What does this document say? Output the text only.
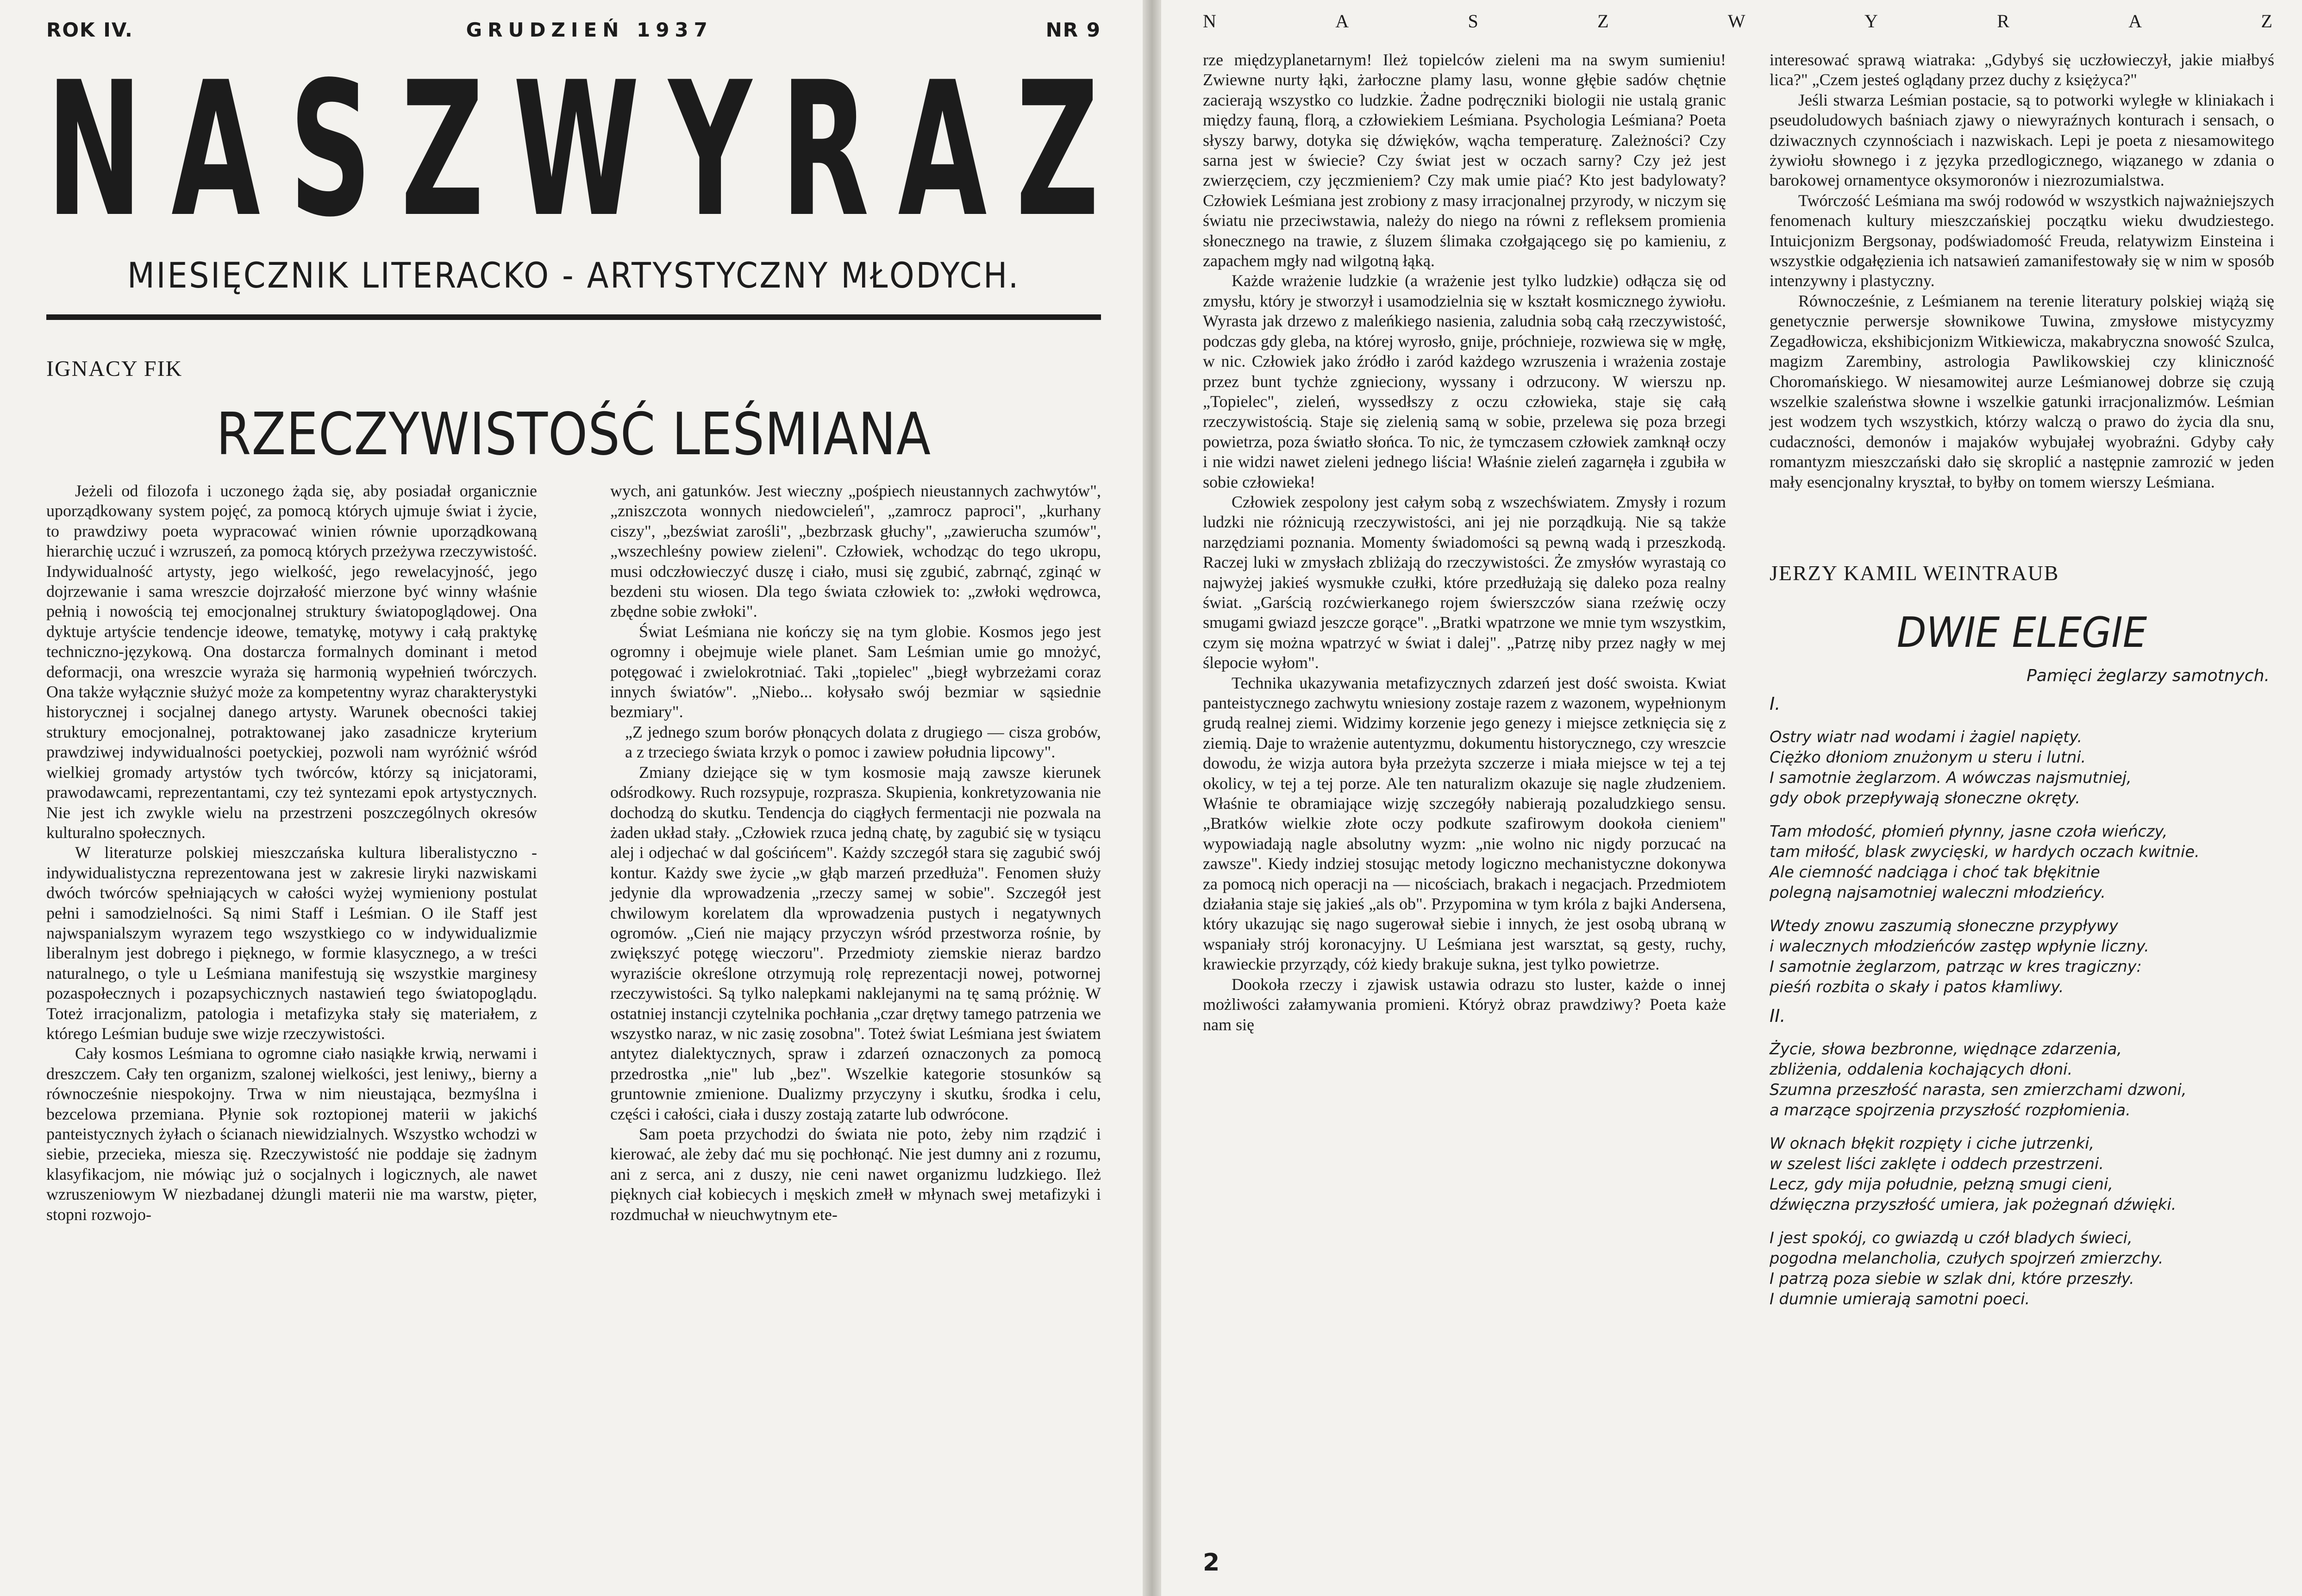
ROK IV.	GRUDZIEŃ 1937	NR 9
N A S Z W Y R A Z
MIESIĘCZNIK LITERACKO - ARTYSTYCZNY MŁODYCH.
IGNACY FIK
RZECZYWISTOŚĆ LEŚMIANA

Jeżeli od filozofa i uczonego żąda się, aby posiadał organicznie uporządkowany system pojęć, za pomocą których ujmuje świat i życie, to prawdziwy poeta wypracować winien równie uporządkowaną hierarchię uczuć i wzruszeń, za pomocą których przeżywa rzeczywistość. Indywidualność artysty, jego wielkość, jego rewelacyjność, jego dojrzewanie i sama wreszcie dojrzałość mierzone być winny właśnie pełnią i nowością tej emocjonalnej struktury światopoglądowej. Ona dyktuje artyście tendencje ideowe, tematykę, motywy i całą praktykę techniczno-językową. Ona dostarcza formalnych dominant i metod deformacji, ona wreszcie wyraża się harmonią wypełnień twórczych. Ona także wyłącznie służyć może za kompetentny wyraz charakterystyki historycznej i socjalnej danego artysty. Warunek obecności takiej struktury emocjonalnej, potraktowanej jako zasadnicze kryterium prawdziwej indywidualności poetyckiej, pozwoli nam wyróżnić wśród wielkiej gromady artystów tych twórców, którzy są inicjatorami, prawodawcami, reprezentantami, czy też syntezami epok artystycznych. Nie jest ich zwykle wielu na przestrzeni poszczególnych okresów kulturalno społecznych.

W literaturze polskiej mieszczańska kultura liberalistyczno - indywidualistyczna reprezentowana jest w zakresie liryki nazwiskami dwóch twórców spełniających w całości wyżej wymieniony postulat pełni i samodzielności. Są nimi Staff i Leśmian. O ile Staff jest najwspanialszym wyrazem tego wszystkiego co w indywidualizmie liberalnym jest dobrego i pięknego, w formie klasycznego, a w treści naturalnego, o tyle u Leśmiana manifestują się wszystkie marginesy pozaspołecznych i pozapsychicznych nastawień tego światopoglądu. Toteż irracjonalizm, patologia i metafizyka stały się materiałem, z którego Leśmian buduje swe wizje rzeczywistości.

Cały kosmos Leśmiana to ogromne ciało nasiąkłe krwią, nerwami i dreszczem. Cały ten organizm, szalonej wielkości, jest leniwy,, bierny a równocześnie niespokojny. Trwa w nim nieustająca, bezmyślna i bezcelowa przemiana. Płynie sok roztopionej materii w jakichś panteistycznych żyłach o ścianach niewidzialnych. Wszystko wchodzi w siebie, przecieka, miesza się. Rzeczywistość nie poddaje się żadnym klasyfikacjom, nie mówiąc już o socjalnych i logicznych, ale nawet wzruszeniowym W niezbadanej dżungli materii nie ma warstw, pięter, stopni rozwojo-

wych, ani gatunków. Jest wieczny „pośpiech nieustannych zachwytów", „zniszczota wonnych niedowcieleń", „zamrocz paproci", „kurhany ciszy", „bezświat zarośli", „bezbrzask głuchy", „zawierucha szumów", „wszechleśny powiew zieleni". Człowiek, wchodząc do tego ukropu, musi odczłowieczyć duszę i ciało, musi się zgubić, zabrnąć, zginąć w bezdeni stu wiosen. Dla tego świata człowiek to: „zwłoki wędrowca, zbędne sobie zwłoki".

Świat Leśmiana nie kończy się na tym globie. Kosmos jego jest ogromny i obejmuje wiele planet. Sam Leśmian umie go mnożyć, potęgować i zwielokrotniać. Taki „topielec" „biegł wybrzeżami coraz innych światów". „Niebo... kołysało swój bezmiar w sąsiednie bezmiary".

„Z jednego szum borów płonących dolata z drugiego — cisza grobów, a z trzeciego świata krzyk o pomoc i zawiew południa lipcowy".

Zmiany dziejące się w tym kosmosie mają zawsze kierunek odśrodkowy. Ruch rozsypuje, rozprasza. Skupienia, konkretyzowania nie dochodzą do skutku. Tendencja do ciągłych fermentacji nie pozwala na żaden układ stały. „Człowiek rzuca jedną chatę, by zagubić się w tysiącu alej i odjechać w dal gościńcem". Każdy szczegół stara się zagubić swój kontur. Każdy swe życie „w głąb marzeń przedłuża". Fenomen służy jedynie dla wprowadzenia „rzeczy samej w sobie". Szczegół jest chwilowym korelatem dla wprowadzenia pustych i negatywnych ogromów. „Cień nie mający przyczyn wśród przestworza rośnie, by zwiększyć potęgę wieczoru". Przedmioty ziemskie nieraz bardzo wyraziście określone otrzymują rolę reprezentacji nowej, potwornej rzeczywistości. Są tylko nalepkami naklejanymi na tę samą próżnię. W ostatniej instancji czytelnika pochłania „czar drętwy tamego patrzenia we wszystko naraz, w nic zasię zosobna". Toteż świat Leśmiana jest światem antytez dialektycznych, spraw i zdarzeń oznaczonych za pomocą przedrostka „nie" lub „bez". Wszelkie kategorie stosunków są gruntownie zmienione. Dualizmy przyczyny i skutku, środka i celu, części i całości, ciała i duszy zostają zatarte lub odwrócone.

Sam poeta przychodzi do świata nie poto, żeby nim rządzić i kierować, ale żeby dać mu się pochłonąć. Nie jest dumny ani z rozumu, ani z serca, ani z duszy, nie ceni nawet organizmu ludzkiego. Ileż pięknych ciał kobiecych i męskich zmełł w młynach swej metafizyki i rozdmuchał w nieuchwytnym ete-

N	A	S	Z	W	Y	R	A	Z

rze międzyplanetarnym! Ileż topielców zieleni ma na swym sumieniu! Zwiewne nurty łąki, żarłoczne plamy lasu, wonne głębie sadów chętnie zacierają wszystko co ludzkie. Żadne podręczniki biologii nie ustalą granic między fauną, florą, a człowiekiem Leśmiana. Psychologia Leśmiana? Poeta słyszy barwy, dotyka się dźwięków, wącha temperaturę. Zależności? Czy sarna jest w świecie? Czy świat jest w oczach sarny? Czy jeż jest zwierzęciem, czy jęczmieniem? Czy mak umie piać? Kto jest badylowaty? Człowiek Leśmiana jest zrobiony z masy irracjonalnej przyrody, w niczym się światu nie przeciwstawia, należy do niego na równi z refleksem promienia słonecznego na trawie, z śluzem ślimaka czołgającego się po kamieniu, z zapachem mgły nad wilgotną łąką.

Każde wrażenie ludzkie (a wrażenie jest tylko ludzkie) odłącza się od zmysłu, który je stworzył i usamodzielnia się w kształt kosmicznego żywiołu. Wyrasta jak drzewo z maleńkiego nasienia, zaludnia sobą całą rzeczywistość, podczas gdy gleba, na której wyrosło, gnije, próchnieje, rozwiewa się w mgłę, w nic. Człowiek jako źródło i zaród każdego wzruszenia i wrażenia zostaje przez bunt tychże zgnieciony, wyssany i odrzucony. W wierszu np. „Topielec", zieleń, wyssedłszy z oczu człowieka, staje się całą rzeczywistością. Staje się zielenią samą w sobie, przelewa się poza brzegi powietrza, poza światło słońca. To nic, że tymczasem człowiek zamknął oczy i nie widzi nawet zieleni jednego liścia! Właśnie zieleń zagarnęła i zgubiła w sobie człowieka!

Człowiek zespolony jest całym sobą z wszechświatem. Zmysły i rozum ludzki nie różnicują rzeczywistości, ani jej nie porządkują. Nie są także narzędziami poznania. Momenty świadomości są pewną wadą i przeszkodą. Raczej luki w zmysłach zbliżają do rzeczywistości. Że zmysłów wyrastają co najwyżej jakieś wysmukłe czułki, które przedłużają się daleko poza realny świat. „Garścią rozćwierkanego rojem świerszczów siana rzeźwię oczy smugami gwiazd jeszcze gorące". „Bratki wpatrzone we mnie tym wszystkim, czym się można wpatrzyć w świat i dalej". „Patrzę niby przez nagły w mej ślepocie wyłom".

Technika ukazywania metafizycznych zdarzeń jest dość swoista. Kwiat panteistycznego zachwytu wniesiony zostaje razem z wazonem, wypełnionym grudą realnej ziemi. Widzimy korzenie jego genezy i miejsce zetknięcia się z ziemią. Daje to wrażenie autentyzmu, dokumentu historycznego, czy wreszcie dowodu, że wizja autora była przeżyta szczerze i miała miejsce w tej a tej okolicy, w tej a tej porze. Ale ten naturalizm okazuje się nagle złudzeniem. Właśnie te obramiające wizję szczegóły nabierają pozaludzkiego sensu. „Bratków wielkie złote oczy podkute szafirowym dookoła cieniem" wypowiadają nagle absolutny wyzm: „nie wolno nic nigdy porzucać na zawsze". Kiedy indziej stosując metody logiczno mechanistyczne dokonywa za pomocą nich operacji na — nicościach, brakach i negacjach. Przedmiotem działania staje się jakieś „als ob". Przypomina w tym króla z bajki Andersena, który ukazując się nago sugerował siebie i innych, że jest osobą ubraną w wspaniały strój koronacyjny. U Leśmiana jest warsztat, są gesty, ruchy, krawieckie przyrządy, cóż kiedy brakuje sukna, jest tylko powietrze.

Dookoła rzeczy i zjawisk ustawia odrazu sto luster, każde o innej możliwości załamywania promieni. Któryż obraz prawdziwy? Poeta każe nam się

interesować sprawą wiatraka: „Gdybyś się uczłowieczył, jakie miałbyś lica?" „Czem jesteś oglądany przez duchy z księżyca?"

Jeśli stwarza Leśmian postacie, są to potworki wyległe w kliniakach i pseudoludowych baśniach zjawy o niewyraźnych konturach i sensach, o dziwacznych czynnościach i nazwiskach. Lepi je poeta z niesamowitego żywiołu słownego i z języka przedlogicznego, wiązanego w zdania o barokowej ornamentyce oksymoronów i niezrozumialstwa.

Twórczość Leśmiana ma swój rodowód w wszystkich najważniejszych fenomenach kultury mieszczańskiej początku wieku dwudziestego. Intuicjonizm Bergsonay, podświadomość Freuda, relatywizm Einsteina i wszystkie odgałęzienia ich natsawień zamanifestowały się w nim w sposób intenzywny i plastyczny.

Równocześnie, z Leśmianem na terenie literatury polskiej wiążą się genetycznie perwersje słownikowe Tuwina, zmysłowe mistycyzmy Zegadłowicza, ekshibicjonizm Witkiewicza, makabryczna snowość Szulca, magizm Zarembiny, astrologia Pawlikowskiej czy kliniczność Choromańskiego. W niesamowitej aurze Leśmianowej dobrze się czują wszelkie szaleństwa słowne i wszelkie gatunki irracjonalizmów. Leśmian jest wodzem tych wszystkich, którzy walczą o prawo do życia dla snu, cudaczności, demonów i majaków wybujałej wyobraźni. Gdyby cały romantyzm mieszczański dało się skroplić a następnie zamrozić w jeden mały esencjonalny kryształ, to byłby on tomem wierszy Leśmiana.

JERZY KAMIL WEINTRAUB
DWIE ELEGIE
Pamięci żeglarzy samotnych.
I.
Ostry wiatr nad wodami i żagiel napięty.
Ciężko dłoniom znużonym u steru i lutni.
I samotnie żeglarzom. A wówczas najsmutniej,
gdy obok przepływają słoneczne okręty.
Tam młodość, płomień płynny, jasne czoła wieńczy,
tam miłość, blask zwycięski, w hardych oczach kwitnie.
Ale ciemność nadciąga i choć tak błękitnie
polegną najsamotniej waleczni młodzieńcy.
Wtedy znowu zaszumią słoneczne przypływy
i walecznych młodzieńców zastęp wpłynie liczny.
I samotnie żeglarzom, patrząc w kres tragiczny:
pieśń rozbita o skały i patos kłamliwy.
II.
Życie, słowa bezbronne, więdnące zdarzenia,
zbliżenia, oddalenia kochających dłoni.
Szumna przeszłość narasta, sen zmierzchami dzwoni,
a marzące spojrzenia przyszłość rozpłomienia.
W oknach błękit rozpięty i ciche jutrzenki,
w szelest liści zaklęte i oddech przestrzeni.
Lecz, gdy mija południe, pełzną smugi cieni,
dźwięczna przyszłość umiera, jak pożegnań dźwięki.
I jest spokój, co gwiazdą u czół bladych świeci,
pogodna melancholia, czułych spojrzeń zmierzchy.
I patrzą poza siebie w szlak dni, które przeszły.
I dumnie umierają samotni poeci.
2
